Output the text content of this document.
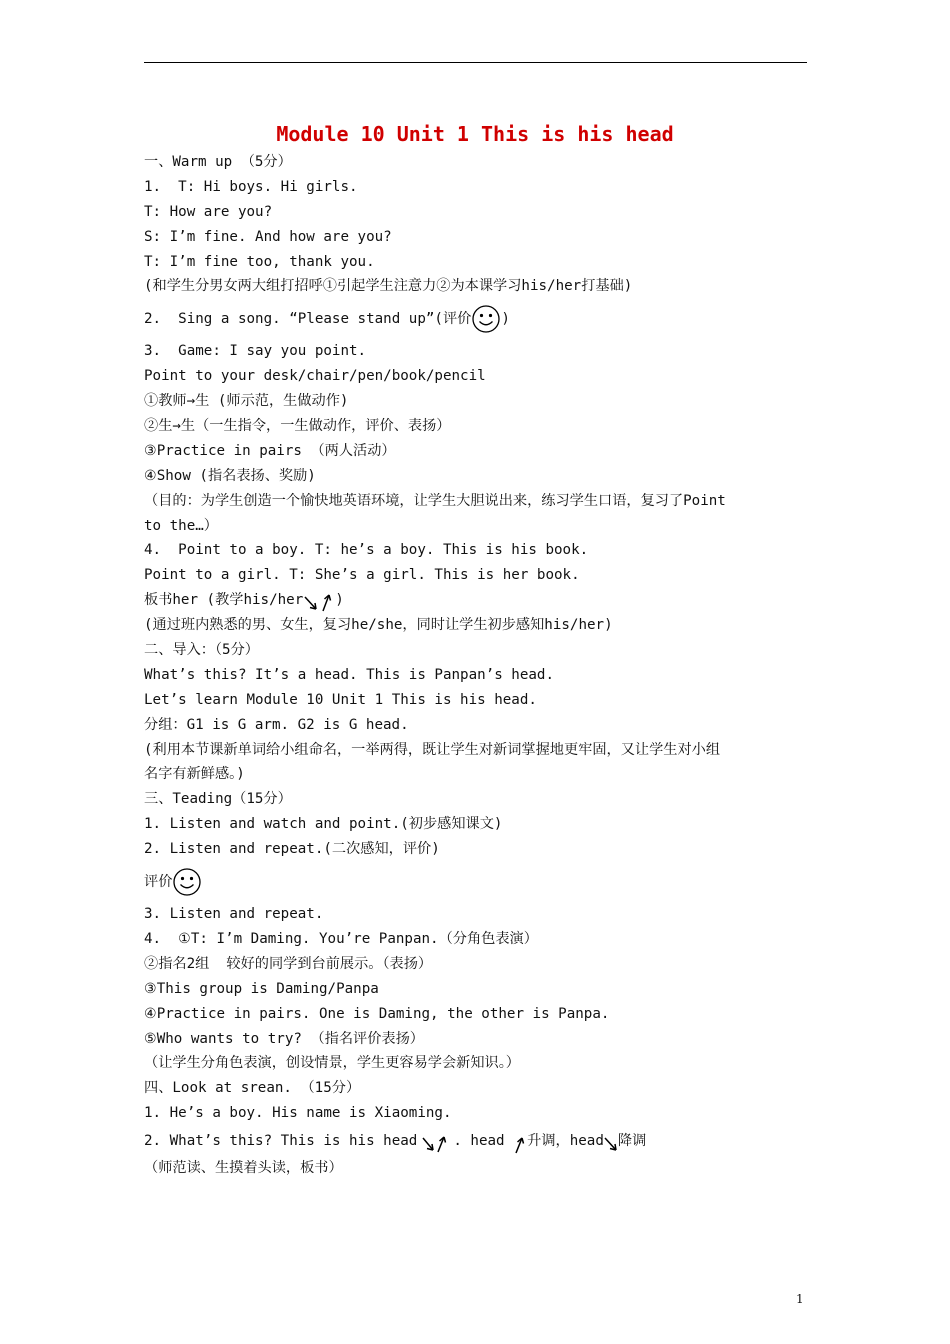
Module 10 Unit 1 This is his head
一、Warm up （5分）
1.  T: Hi boys. Hi girls.
T: How are you?
S: I’m fine. And how are you?
T: I’m fine too, thank you.
(和学生分男女两大组打招呼①引起学生注意力②为本课学习his/her打基础)
2.  Sing a song. “Please stand up”(评价 )
3.  Game: I say you point.
Point to your desk/chair/pen/book/pencil
①教师→生 (师示范，生做动作)
②生→生（一生指令，一生做动作，评价、表扬）
③Practice in pairs （两人活动）
④Show (指名表扬、奖励)
（目的：为学生创造一个愉快地英语环境，让学生大胆说出来，练习学生口语，复习了Point
to the…）
4.  Point to a boy. T: he’s a boy. This is his book.
Point to a girl. T: She’s a girl. This is her book.
板书her (教学his/her )
(通过班内熟悉的男、女生，复习he/she，同时让学生初步感知his/her)
二、导入：（5分）
What’s this? It’s a head. This is Panpan’s head.
Let’s learn Module 10 Unit 1 This is his head.
分组：G1 is G arm. G2 is G head.
(利用本节课新单词给小组命名，一举两得，既让学生对新词掌握地更牢固，又让学生对小组
名字有新鲜感。)
三、Teading（15分）
1. Listen and watch and point.(初步感知课文)
2. Listen and repeat.(二次感知，评价)
评价
3. Listen and repeat.
4.  ①T: I’m Daming. You’re Panpan.（分角色表演）
②指名2组  较好的同学到台前展示。（表扬）
③This group is Daming/Panpa
④Practice in pairs. One is Daming, the other is Panpa.
⑤Who wants to try? （指名评价表扬）
（让学生分角色表演，创设情景，学生更容易学会新知识。）
四、Look at srean. （15分）
1. He’s a boy. His name is Xiaoming.
2. What’s this? This is his head	. head 升调，head 降调
（师范读、生摸着头读，板书）
1
